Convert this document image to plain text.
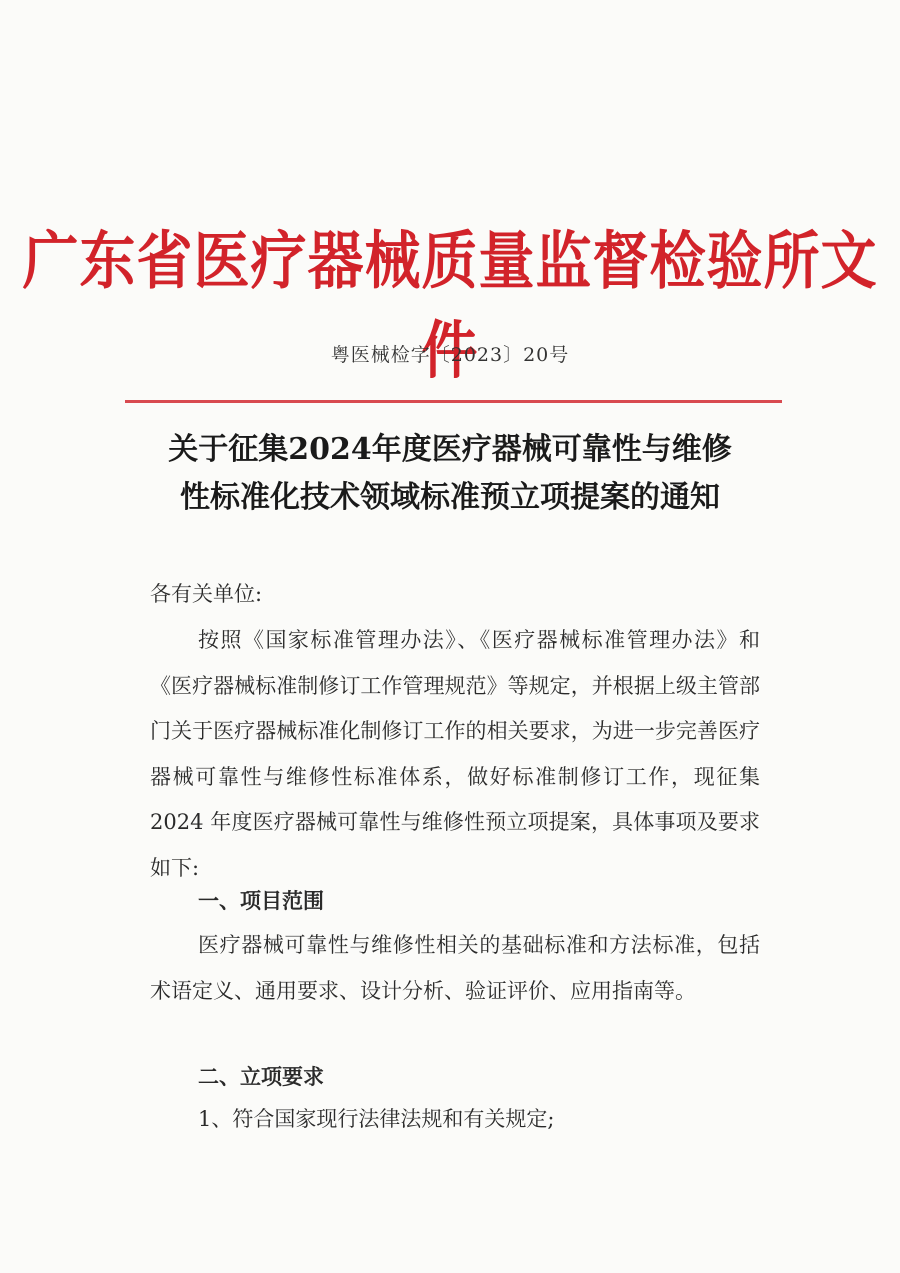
广东省医疗器械质量监督检验所文件
粤医械检字〔2023〕20号
关于征集2024年度医疗器械可靠性与维修
性标准化技术领域标准预立项提案的通知
各有关单位:
按照《国家标准管理办法》、《医疗器械标准管理办法》和《医疗器械标准制修订工作管理规范》等规定，并根据上级主管部门关于医疗器械标准化制修订工作的相关要求，为进一步完善医疗器械可靠性与维修性标准体系，做好标准制修订工作，现征集 2024 年度医疗器械可靠性与维修性预立项提案，具体事项及要求如下:
一、项目范围
医疗器械可靠性与维修性相关的基础标准和方法标准，包括术语定义、通用要求、设计分析、验证评价、应用指南等。
二、立项要求
1、符合国家现行法律法规和有关规定;
